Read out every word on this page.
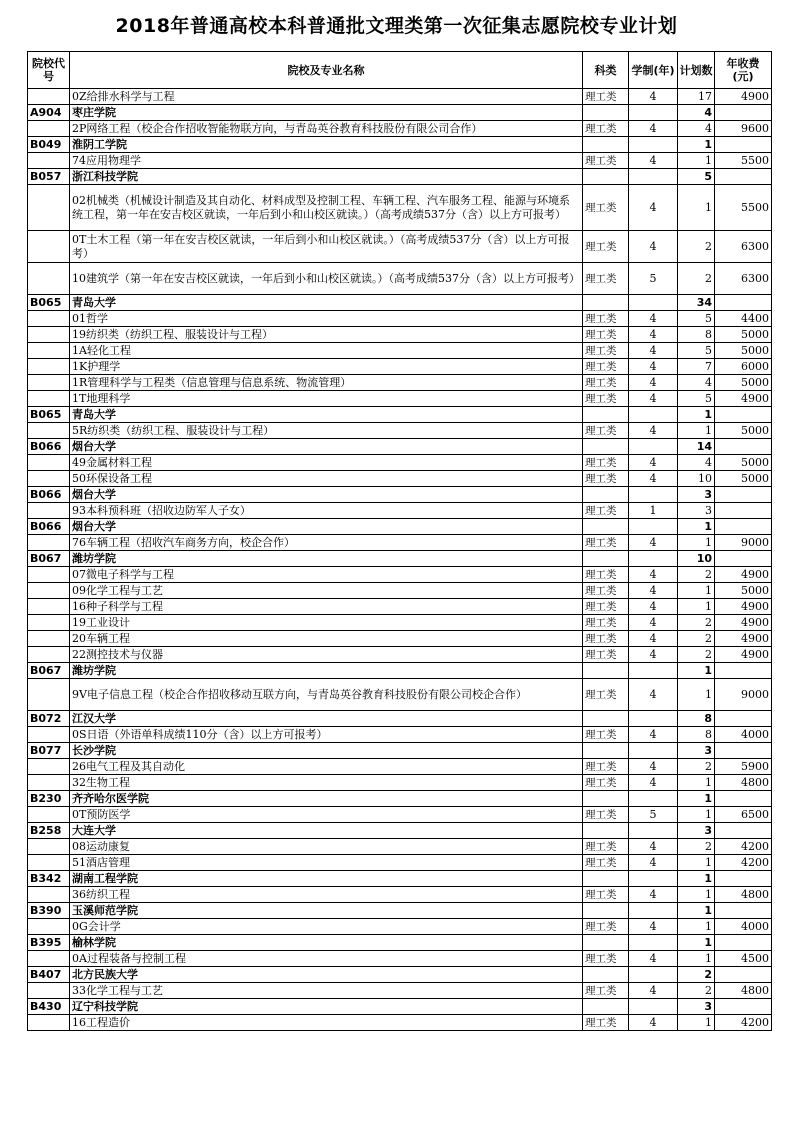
2018年普通高校本科普通批文理类第一次征集志愿院校专业计划
院校代号	院校及专业名称	科类	学制(年)	计划数	年收费(元)
	0Z给排水科学与工程	理工类	4	17	4900
A904	枣庄学院			4	
	2P网络工程（校企合作招收智能物联方向，与青岛英谷教育科技股份有限公司合作）	理工类	4	4	9600
B049	淮阴工学院			1	
	74应用物理学	理工类	4	1	5500
B057	浙江科技学院			5	
	02机械类（机械设计制造及其自动化、材料成型及控制工程、车辆工程、汽车服务工程、能源与环境系统工程，第一年在安吉校区就读，一年后到小和山校区就读。）（高考成绩537分（含）以上方可报考）	理工类	4	1	5500
	0T土木工程（第一年在安吉校区就读，一年后到小和山校区就读。）（高考成绩537分（含）以上方可报考）	理工类	4	2	6300
	10建筑学（第一年在安吉校区就读，一年后到小和山校区就读。）（高考成绩537分（含）以上方可报考）	理工类	5	2	6300
B065	青岛大学			34	
	01哲学	理工类	4	5	4400
	19纺织类（纺织工程、服装设计与工程）	理工类	4	8	5000
	1A轻化工程	理工类	4	5	5000
	1K护理学	理工类	4	7	6000
	1R管理科学与工程类（信息管理与信息系统、物流管理）	理工类	4	4	5000
	1T地理科学	理工类	4	5	4900
B065	青岛大学			1	
	5R纺织类（纺织工程、服装设计与工程）	理工类	4	1	5000
B066	烟台大学			14	
	49金属材料工程	理工类	4	4	5000
	50环保设备工程	理工类	4	10	5000
B066	烟台大学			3	
	93本科预科班（招收边防军人子女）	理工类	1	3	
B066	烟台大学			1	
	76车辆工程（招收汽车商务方向，校企合作）	理工类	4	1	9000
B067	潍坊学院			10	
	07微电子科学与工程	理工类	4	2	4900
	09化学工程与工艺	理工类	4	1	5000
	16种子科学与工程	理工类	4	1	4900
	19工业设计	理工类	4	2	4900
	20车辆工程	理工类	4	2	4900
	22测控技术与仪器	理工类	4	2	4900
B067	潍坊学院			1	
	9V电子信息工程（校企合作招收移动互联方向，与青岛英谷教育科技股份有限公司校企合作）	理工类	4	1	9000
B072	江汉大学			8	
	0S日语（外语单科成绩110分（含）以上方可报考）	理工类	4	8	4000
B077	长沙学院			3	
	26电气工程及其自动化	理工类	4	2	5900
	32生物工程	理工类	4	1	4800
B230	齐齐哈尔医学院			1	
	0T预防医学	理工类	5	1	6500
B258	大连大学			3	
	08运动康复	理工类	4	2	4200
	51酒店管理	理工类	4	1	4200
B342	湖南工程学院			1	
	36纺织工程	理工类	4	1	4800
B390	玉溪师范学院			1	
	0G会计学	理工类	4	1	4000
B395	榆林学院			1	
	0A过程装备与控制工程	理工类	4	1	4500
B407	北方民族大学			2	
	33化学工程与工艺	理工类	4	2	4800
B430	辽宁科技学院			3	
	16工程造价	理工类	4	1	4200
